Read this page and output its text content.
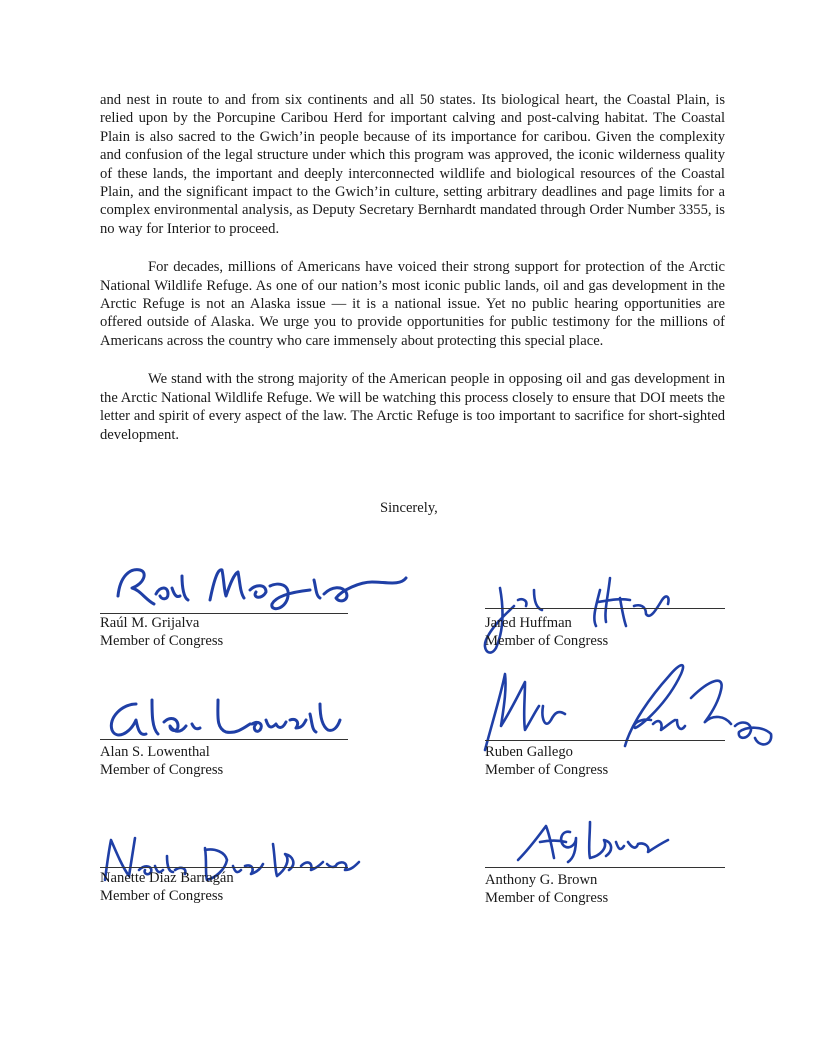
and nest in route to and from six continents and all 50 states. Its biological heart, the Coastal Plain, is relied upon by the Porcupine Caribou Herd for important calving and post-calving habitat. The Coastal Plain is also sacred to the Gwich’in people because of its importance for caribou. Given the complexity and confusion of the legal structure under which this program was approved, the iconic wilderness quality of these lands, the important and deeply interconnected wildlife and biological resources of the Coastal Plain, and the significant impact to the Gwich’in culture, setting arbitrary deadlines and page limits for a complex environmental analysis, as Deputy Secretary Bernhardt mandated through Order Number 3355, is no way for Interior to proceed.

For decades, millions of Americans have voiced their strong support for protection of the Arctic National Wildlife Refuge. As one of our nation’s most iconic public lands, oil and gas development in the Arctic Refuge is not an Alaska issue — it is a national issue. Yet no public hearing opportunities are offered outside of Alaska. We urge you to provide opportunities for public testimony for the millions of Americans across the country who care immensely about protecting this special place.

We stand with the strong majority of the American people in opposing oil and gas development in the Arctic National Wildlife Refuge. We will be watching this process closely to ensure that DOI meets the letter and spirit of every aspect of the law. The Arctic Refuge is too important to sacrifice for short-sighted development.

Sincerely,
Raúl M. Grijalva
Member of Congress
Jared Huffman
Member of Congress
Alan S. Lowenthal
Member of Congress
Ruben Gallego
Member of Congress
Nanette Diaz Barragán
Member of Congress
Anthony G. Brown
Member of Congress
